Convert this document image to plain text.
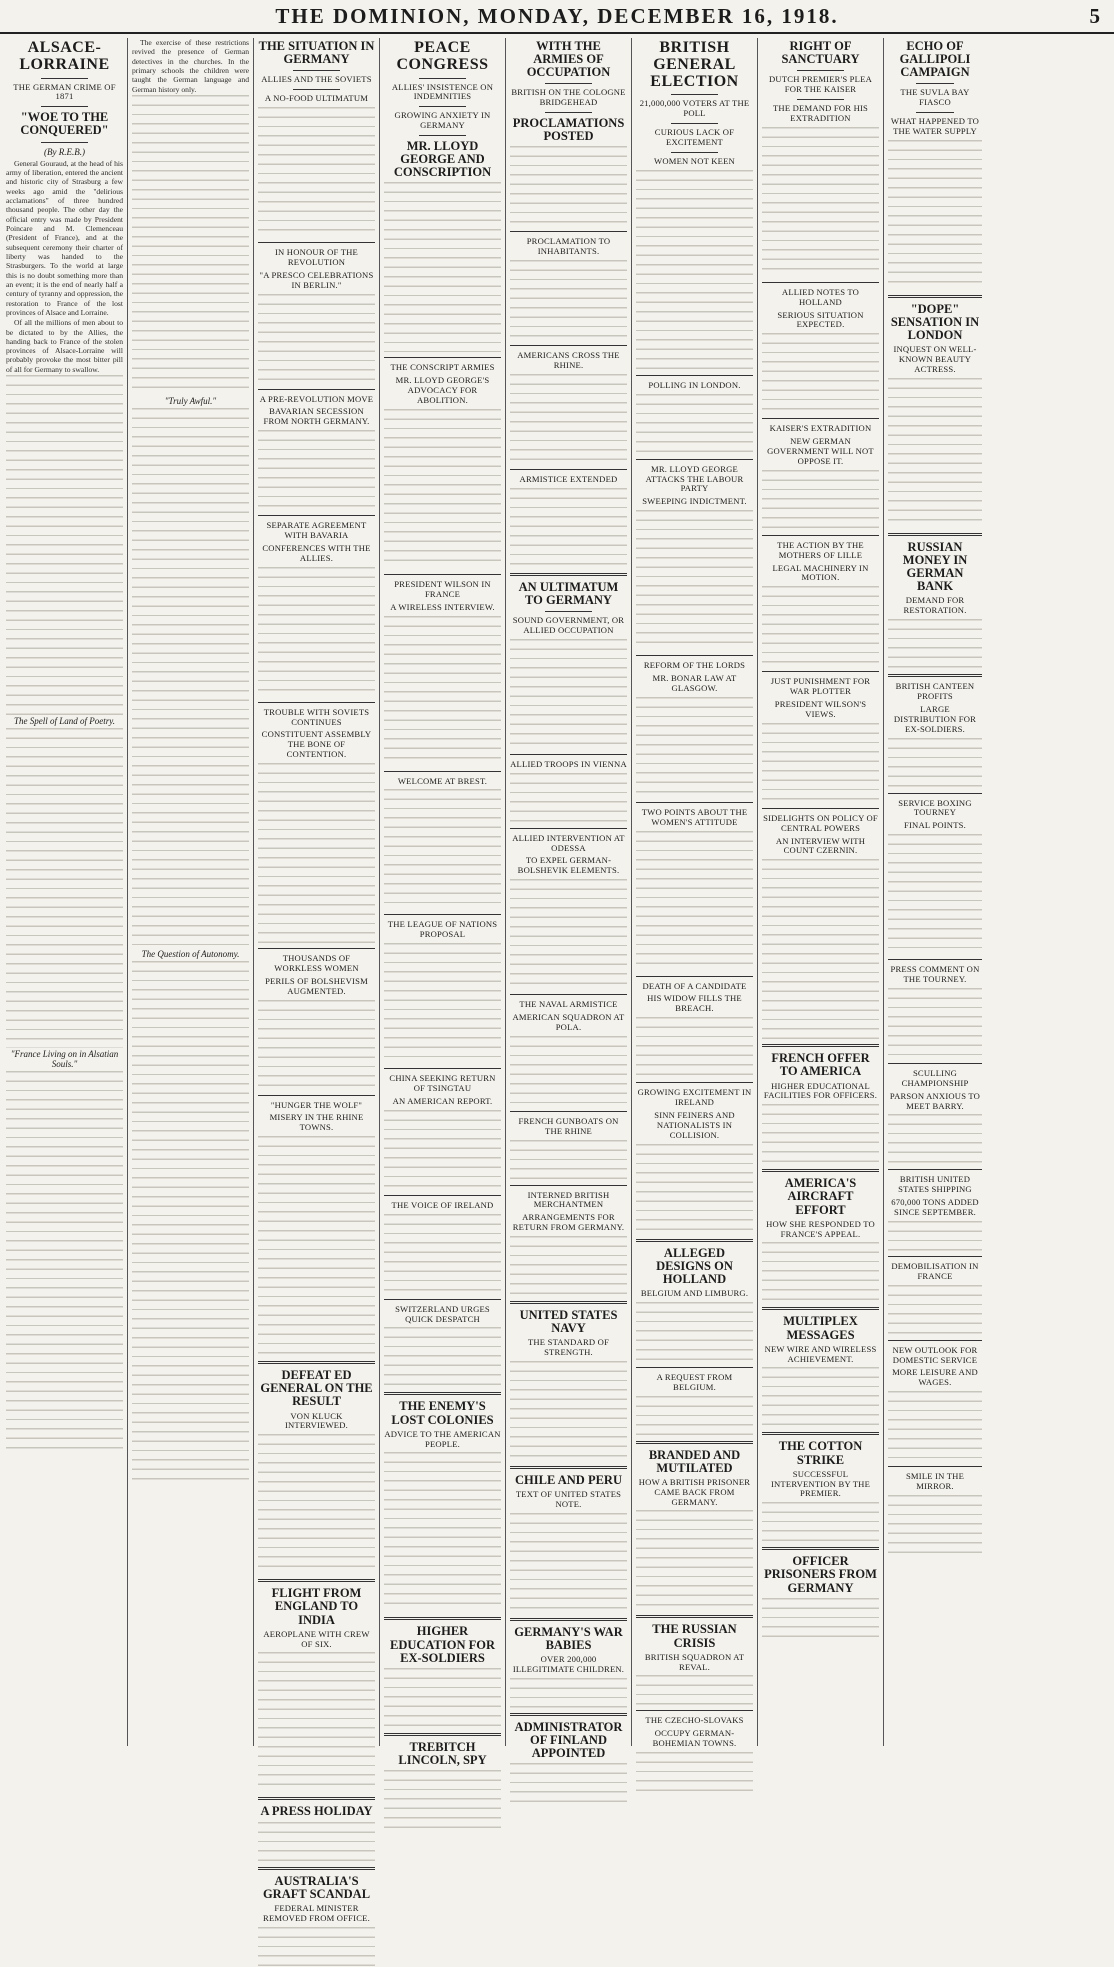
THE DOMINION, MONDAY, DECEMBER 16, 1918.	5
ALSACE-LORRAINE
THE GERMAN CRIME OF 1871
"WOE TO THE CONQUERED"
(By R.E.B.)

General Gouraud, at the head of his army of liberation, entered the ancient and historic city of Strasburg a few weeks ago amid the "delirious acclamations" of three hundred thousand people. The other day the official entry was made by President Poincare and M. Clemenceau (President of France), and at the subsequent ceremony their charter of liberty was handed to the Strasburgers. To the world at large this is no doubt something more than an event; it is the end of nearly half a century of tyranny and oppression, the restoration to France of the lost provinces of Alsace and Lorraine.

Of all the millions of men about to be dictated to by the Allies, the handing back to France of the stolen provinces of Alsace-Lorraine will probably provoke the most bitter pill of all for Germany to swallow.

The Spell of Land of Poetry.
"France Living on in Alsatian Souls."

The exercise of these restrictions revived the presence of German detectives in the churches. In the primary schools the children were taught the German language and German history only.

"Truly Awful."
The Question of Autonomy.
THE SITUATION IN GERMANY
ALLIES AND THE SOVIETS
A NO-FOOD ULTIMATUM
IN HONOUR OF THE REVOLUTION
"A PRESCO CELEBRATIONS IN BERLIN."
A PRE-REVOLUTION MOVE
BAVARIAN SECESSION FROM NORTH GERMANY.
SEPARATE AGREEMENT WITH BAVARIA
CONFERENCES WITH THE ALLIES.
TROUBLE WITH SOVIETS CONTINUES
CONSTITUENT ASSEMBLY THE BONE OF CONTENTION.
THOUSANDS OF WORKLESS WOMEN
PERILS OF BOLSHEVISM AUGMENTED.
"HUNGER THE WOLF"
MISERY IN THE RHINE TOWNS.
DEFEAT ED GENERAL ON THE RESULT
VON KLUCK INTERVIEWED.
FLIGHT FROM ENGLAND TO INDIA
AEROPLANE WITH CREW OF SIX.
A PRESS HOLIDAY
AUSTRALIA'S GRAFT SCANDAL
FEDERAL MINISTER REMOVED FROM OFFICE.
PEACE CONGRESS
ALLIES' INSISTENCE ON INDEMNITIES
GROWING ANXIETY IN GERMANY
MR. LLOYD GEORGE AND CONSCRIPTION
THE CONSCRIPT ARMIES
MR. LLOYD GEORGE'S ADVOCACY FOR ABOLITION.
PRESIDENT WILSON IN FRANCE
A WIRELESS INTERVIEW.
WELCOME AT BREST.
THE LEAGUE OF NATIONS PROPOSAL
CHINA SEEKING RETURN OF TSINGTAU
AN AMERICAN REPORT.
THE VOICE OF IRELAND
SWITZERLAND URGES QUICK DESPATCH
THE ENEMY'S LOST COLONIES
ADVICE TO THE AMERICAN PEOPLE.
HIGHER EDUCATION FOR EX-SOLDIERS
TREBITCH LINCOLN, SPY
WITH THE ARMIES OF OCCUPATION
BRITISH ON THE COLOGNE BRIDGEHEAD
PROCLAMATIONS POSTED
PROCLAMATION TO INHABITANTS.
AMERICANS CROSS THE RHINE.
ARMISTICE EXTENDED
AN ULTIMATUM TO GERMANY
SOUND GOVERNMENT, OR ALLIED OCCUPATION
ALLIED TROOPS IN VIENNA
ALLIED INTERVENTION AT ODESSA
TO EXPEL GERMAN-BOLSHEVIK ELEMENTS.
THE NAVAL ARMISTICE
AMERICAN SQUADRON AT POLA.
FRENCH GUNBOATS ON THE RHINE
INTERNED BRITISH MERCHANTMEN
ARRANGEMENTS FOR RETURN FROM GERMANY.
UNITED STATES NAVY
THE STANDARD OF STRENGTH.
CHILE AND PERU
TEXT OF UNITED STATES NOTE.
GERMANY'S WAR BABIES
OVER 200,000 ILLEGITIMATE CHILDREN.
ADMINISTRATOR OF FINLAND APPOINTED
BRITISH GENERAL ELECTION
21,000,000 VOTERS AT THE POLL
CURIOUS LACK OF EXCITEMENT
WOMEN NOT KEEN
POLLING IN LONDON.
MR. LLOYD GEORGE ATTACKS THE LABOUR PARTY
SWEEPING INDICTMENT.
REFORM OF THE LORDS
MR. BONAR LAW AT GLASGOW.
TWO POINTS ABOUT THE WOMEN'S ATTITUDE
DEATH OF A CANDIDATE
HIS WIDOW FILLS THE BREACH.
GROWING EXCITEMENT IN IRELAND
SINN FEINERS AND NATIONALISTS IN COLLISION.
ALLEGED DESIGNS ON HOLLAND
BELGIUM AND LIMBURG.
A REQUEST FROM BELGIUM.
BRANDED AND MUTILATED
HOW A BRITISH PRISONER CAME BACK FROM GERMANY.
THE RUSSIAN CRISIS
BRITISH SQUADRON AT REVAL.
THE CZECHO-SLOVAKS
OCCUPY GERMAN-BOHEMIAN TOWNS.
RIGHT OF SANCTUARY
DUTCH PREMIER'S PLEA FOR THE KAISER
THE DEMAND FOR HIS EXTRADITION
ALLIED NOTES TO HOLLAND
SERIOUS SITUATION EXPECTED.
KAISER'S EXTRADITION
NEW GERMAN GOVERNMENT WILL NOT OPPOSE IT.
THE ACTION BY THE MOTHERS OF LILLE
LEGAL MACHINERY IN MOTION.
JUST PUNISHMENT FOR WAR PLOTTER
PRESIDENT WILSON'S VIEWS.
SIDELIGHTS ON POLICY OF CENTRAL POWERS
AN INTERVIEW WITH COUNT CZERNIN.
FRENCH OFFER TO AMERICA
HIGHER EDUCATIONAL FACILITIES FOR OFFICERS.
AMERICA'S AIRCRAFT EFFORT
HOW SHE RESPONDED TO FRANCE'S APPEAL.
MULTIPLEX MESSAGES
NEW WIRE AND WIRELESS ACHIEVEMENT.
THE COTTON STRIKE
SUCCESSFUL INTERVENTION BY THE PREMIER.
OFFICER PRISONERS FROM GERMANY
ECHO OF GALLIPOLI CAMPAIGN
THE SUVLA BAY FIASCO
WHAT HAPPENED TO THE WATER SUPPLY
"DOPE" SENSATION IN LONDON
INQUEST ON WELL-KNOWN BEAUTY ACTRESS.
RUSSIAN MONEY IN GERMAN BANK
DEMAND FOR RESTORATION.
BRITISH CANTEEN PROFITS
LARGE DISTRIBUTION FOR EX-SOLDIERS.
SERVICE BOXING TOURNEY
FINAL POINTS.
PRESS COMMENT ON THE TOURNEY.
SCULLING CHAMPIONSHIP
PARSON ANXIOUS TO MEET BARRY.
BRITISH UNITED STATES SHIPPING
670,000 TONS ADDED SINCE SEPTEMBER.
DEMOBILISATION IN FRANCE
NEW OUTLOOK FOR DOMESTIC SERVICE
MORE LEISURE AND WAGES.
SMILE IN THE MIRROR.
